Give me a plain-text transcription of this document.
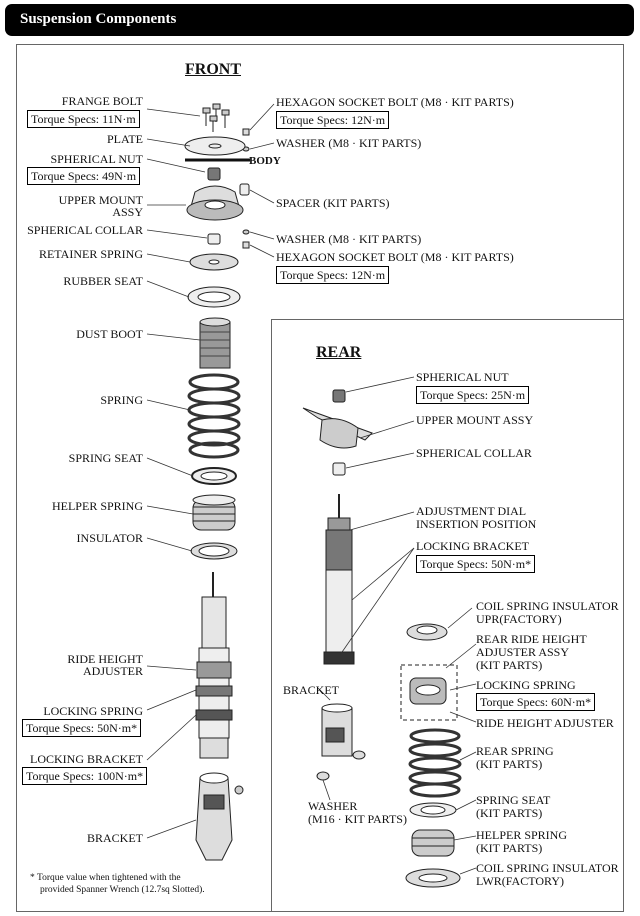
Suspension Components
FRONT
FRANGE BOLT
Torque Specs: 11N·m
PLATE
SPHERICAL NUT
Torque Specs: 49N·m
BODY
UPPER MOUNT
ASSY
SPHERICAL COLLAR
RETAINER SPRING
RUBBER SEAT
DUST BOOT
SPRING
SPRING SEAT
HELPER SPRING
INSULATOR
RIDE HEIGHT
ADJUSTER
LOCKING SPRING
Torque Specs: 50N·m*
LOCKING BRACKET
Torque Specs: 100N·m*
BRACKET
HEXAGON SOCKET BOLT (M8 · KIT PARTS)
Torque Specs: 12N·m
WASHER (M8 · KIT PARTS)
SPACER (KIT PARTS)
WASHER (M8 · KIT PARTS)
HEXAGON SOCKET BOLT (M8 · KIT PARTS)
Torque Specs: 12N·m
* Torque value when tightened with the
provided Spanner Wrench (12.7sq Slotted).
REAR
SPHERICAL NUT
Torque Specs: 25N·m
UPPER MOUNT ASSY
SPHERICAL COLLAR
ADJUSTMENT DIAL
INSERTION POSITION
LOCKING BRACKET
Torque Specs: 50N·m*
COIL SPRING INSULATOR
UPR(FACTORY)
REAR RIDE HEIGHT
ADJUSTER ASSY
(KIT PARTS)
BRACKET	LOCKING SPRING
Torque Specs: 60N·m*
RIDE HEIGHT ADJUSTER
WASHER
(M16 · KIT PARTS)
REAR SPRING
(KIT PARTS)
SPRING SEAT
(KIT PARTS)
HELPER SPRING
(KIT PARTS)
COIL SPRING INSULATOR
LWR(FACTORY)
